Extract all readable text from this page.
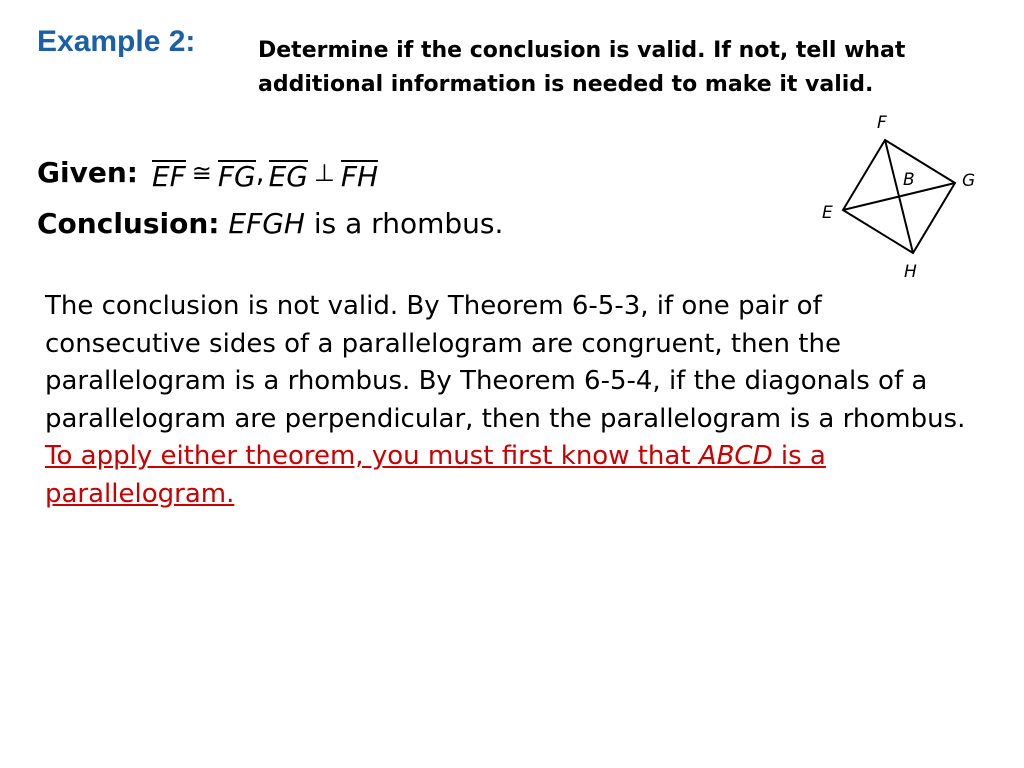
Example 2:	Determine if the conclusion is valid. If not, tell what additional information is needed to make it valid.

Given: EF ≅ FG , EG ⊥ FH
Conclusion: EFGH is a rhombus.

The conclusion is not valid. By Theorem 6-5-3, if one pair of consecutive sides of a parallelogram are congruent, then the parallelogram is a rhombus. By Theorem 6-5-4, if the diagonals of a parallelogram are perpendicular, then the parallelogram is a rhombus. To apply either theorem, you must first know that ABCD is a parallelogram.

F
G
E
H
B
